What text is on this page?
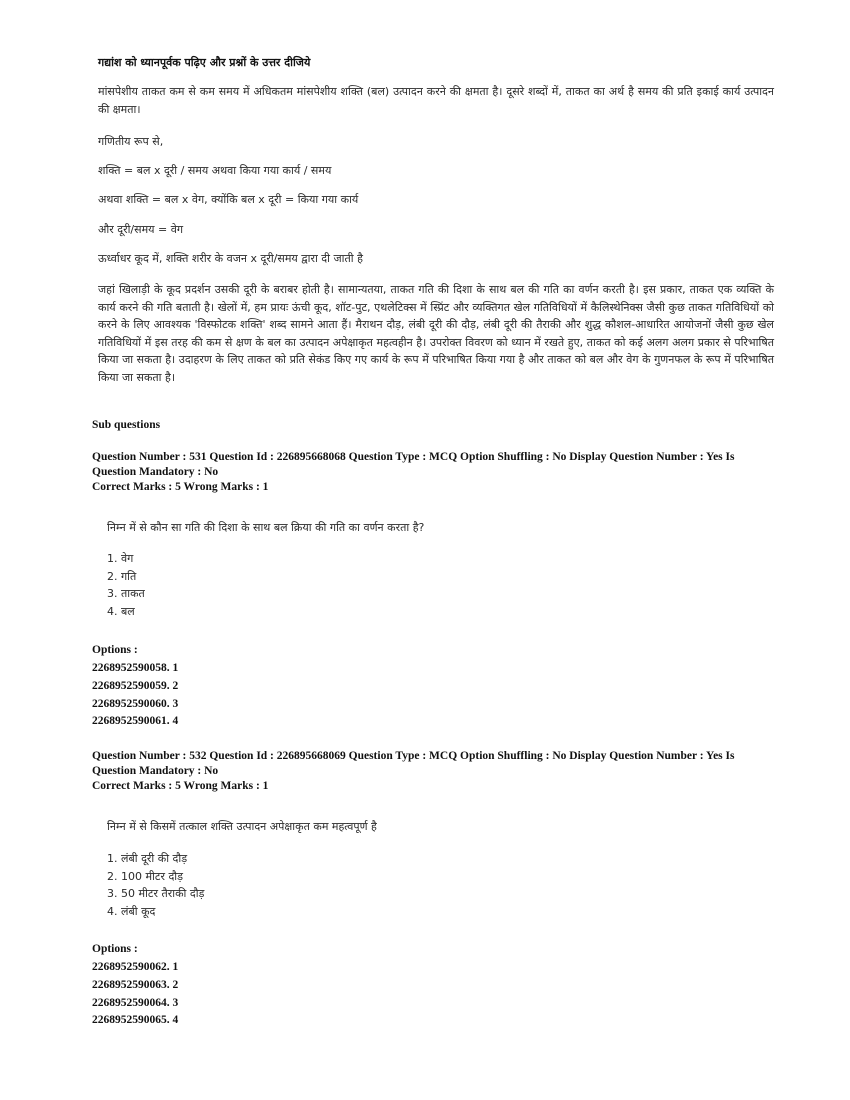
गद्यांश को ध्यानपूर्वक पढ़िए और प्रश्नों के उत्तर दीजिये
मांसपेशीय ताकत कम से कम समय में अधिकतम मांसपेशीय शक्ति (बल) उत्पादन करने की क्षमता है। दूसरे शब्दों में, ताकत का अर्थ है समय की प्रति इकाई कार्य उत्पादन की क्षमता।
गणितीय रूप से,
शक्ति = बल x दूरी / समय अथवा किया गया कार्य / समय
अथवा शक्ति = बल x वेग, क्योंकि बल x दूरी = किया गया कार्य
और दूरी/समय = वेग
ऊर्ध्वाधर कूद में, शक्ति शरीर के वजन x दूरी/समय द्वारा दी जाती है
जहां खिलाड़ी के कूद प्रदर्शन उसकी दूरी के बराबर होती है। सामान्यतया, ताकत गति की दिशा के साथ बल की गति का वर्णन करती है। इस प्रकार, ताकत एक व्यक्ति के कार्य करने की गति बताती है। खेलों में, हम प्रायः ऊंची कूद, शॉट-पुट, एथलेटिक्स में स्प्रिंट और व्यक्तिगत खेल गतिविधियों में कैलिस्थेनिक्स जैसी कुछ ताकत गतिविधियों को करने के लिए आवश्यक 'विस्फोटक शक्ति' शब्द सामने आता हैं। मैराथन दौड़, लंबी दूरी की दौड़, लंबी दूरी की तैराकी और शुद्ध कौशल-आधारित आयोजनों जैसी कुछ खेल गतिविधियों में इस तरह की कम से क्षण के बल का उत्पादन अपेक्षाकृत महत्वहीन है। उपरोक्त विवरण को ध्यान में रखते हुए, ताकत को कई अलग अलग प्रकार से परिभाषित किया जा सकता है। उदाहरण के लिए ताकत को प्रति सेकंड किए गए कार्य के रूप में परिभाषित किया गया है और ताकत को बल और वेग के गुणनफल के रूप में परिभाषित किया जा सकता है।
Sub questions
Question Number : 531 Question Id : 226895668068 Question Type : MCQ Option Shuffling : No Display Question Number : Yes Is
Question Mandatory : No
Correct Marks : 5 Wrong Marks : 1
निम्न में से कौन सा गति की दिशा के साथ बल क्रिया की गति का वर्णन करता है?
1. वेग
2. गति
3. ताकत
4. बल
Options :
2268952590058. 1
2268952590059. 2
2268952590060. 3
2268952590061. 4
Question Number : 532 Question Id : 226895668069 Question Type : MCQ Option Shuffling : No Display Question Number : Yes Is
Question Mandatory : No
Correct Marks : 5 Wrong Marks : 1
निम्न में से किसमें तत्काल शक्ति उत्पादन अपेक्षाकृत कम महत्वपूर्ण है
1. लंबी दूरी की दौड़
2. 100 मीटर दौड़
3. 50 मीटर तैराकी दौड़
4. लंबी कूद
Options :
2268952590062. 1
2268952590063. 2
2268952590064. 3
2268952590065. 4
